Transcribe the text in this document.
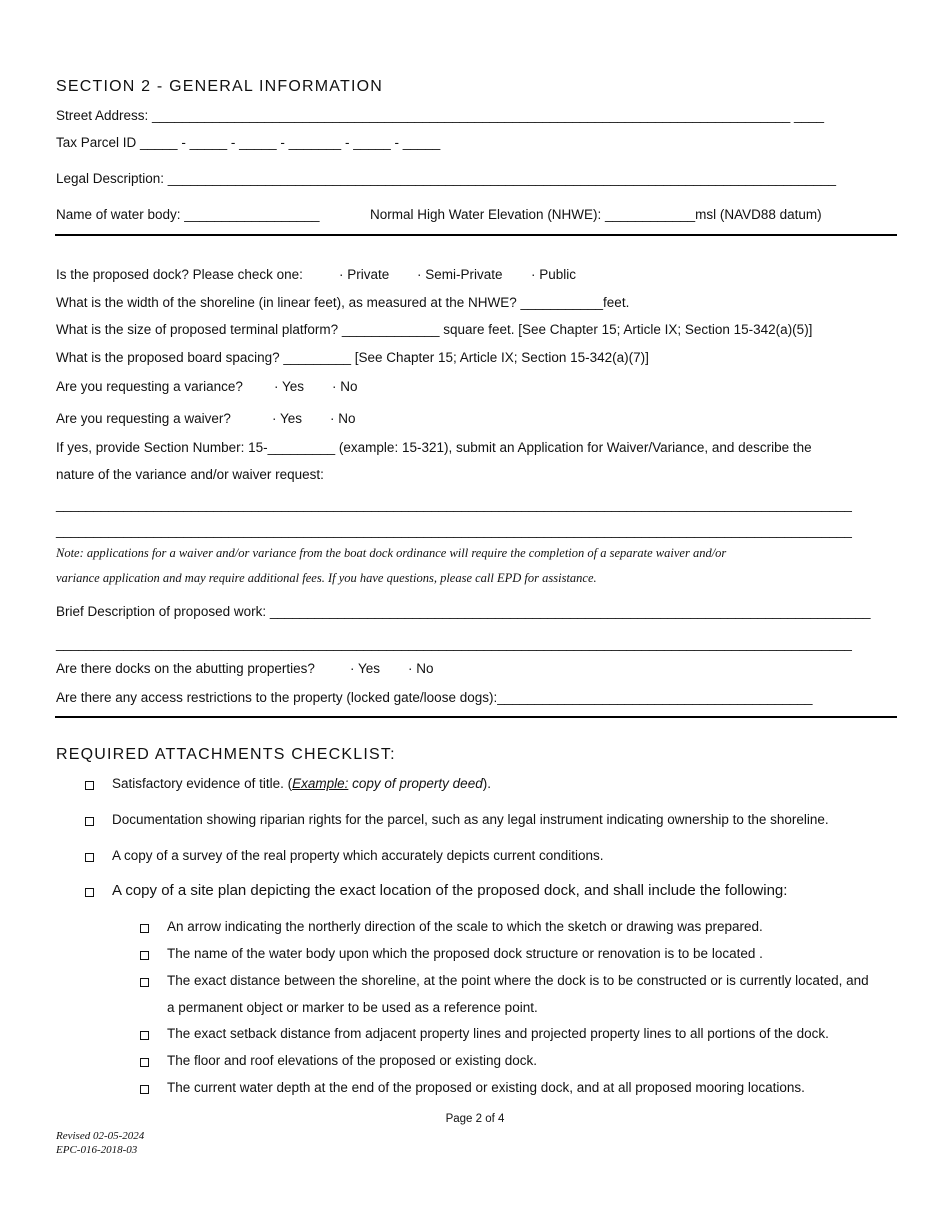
SECTION 2 - GENERAL INFORMATION
Street Address: _____________________________________________________________________________________ ____
Tax Parcel ID _____ - _____ - _____ - _______ - _____ - _____
Legal Description: _________________________________________________________________________________________
Name of water body: __________________	Normal High Water Elevation (NHWE): ____________msl (NAVD88 datum)
Is the proposed dock? Please check one:	· Private · Semi-Private · Public
What is the width of the shoreline (in linear feet), as measured at the NHWE? ___________feet.
What is the size of proposed terminal platform? _____________ square feet. [See Chapter 15; Article IX; Section 15-342(a)(5)]
What is the proposed board spacing? _________ [See Chapter 15; Article IX; Section 15-342(a)(7)]
Are you requesting a variance? · Yes · No
Are you requesting a waiver?	· Yes · No
If yes, provide Section Number: 15-_________ (example: 15-321), submit an Application for Waiver/Variance, and describe the
nature of the variance and/or waiver request:
__________________________________________________________________________________________________________
__________________________________________________________________________________________________________
Note: applications for a waiver and/or variance from the boat dock ordinance will require the completion of a separate waiver and/or
variance application and may require additional fees. If you have questions, please call EPD for assistance.
Brief Description of proposed work: ________________________________________________________________________________
__________________________________________________________________________________________________________
Are there docks on the abutting properties?	· Yes · No
Are there any access restrictions to the property (locked gate/loose dogs):__________________________________________
REQUIRED ATTACHMENTS CHECKLIST:
Satisfactory evidence of title. (Example: copy of property deed).
Documentation showing riparian rights for the parcel, such as any legal instrument indicating ownership to the shoreline.
A copy of a survey of the real property which accurately depicts current conditions.
A copy of a site plan depicting the exact location of the proposed dock, and shall include the following:
An arrow indicating the northerly direction of the scale to which the sketch or drawing was prepared.
The name of the water body upon which the proposed dock structure or renovation is to be located .
The exact distance between the shoreline, at the point where the dock is to be constructed or is currently located, and
a permanent object or marker to be used as a reference point.
The exact setback distance from adjacent property lines and projected property lines to all portions of the dock.
The floor and roof elevations of the proposed or existing dock.
The current water depth at the end of the proposed or existing dock, and at all proposed mooring locations.
Page 2 of 4
Revised 02-05-2024
EPC-016-2018-03
